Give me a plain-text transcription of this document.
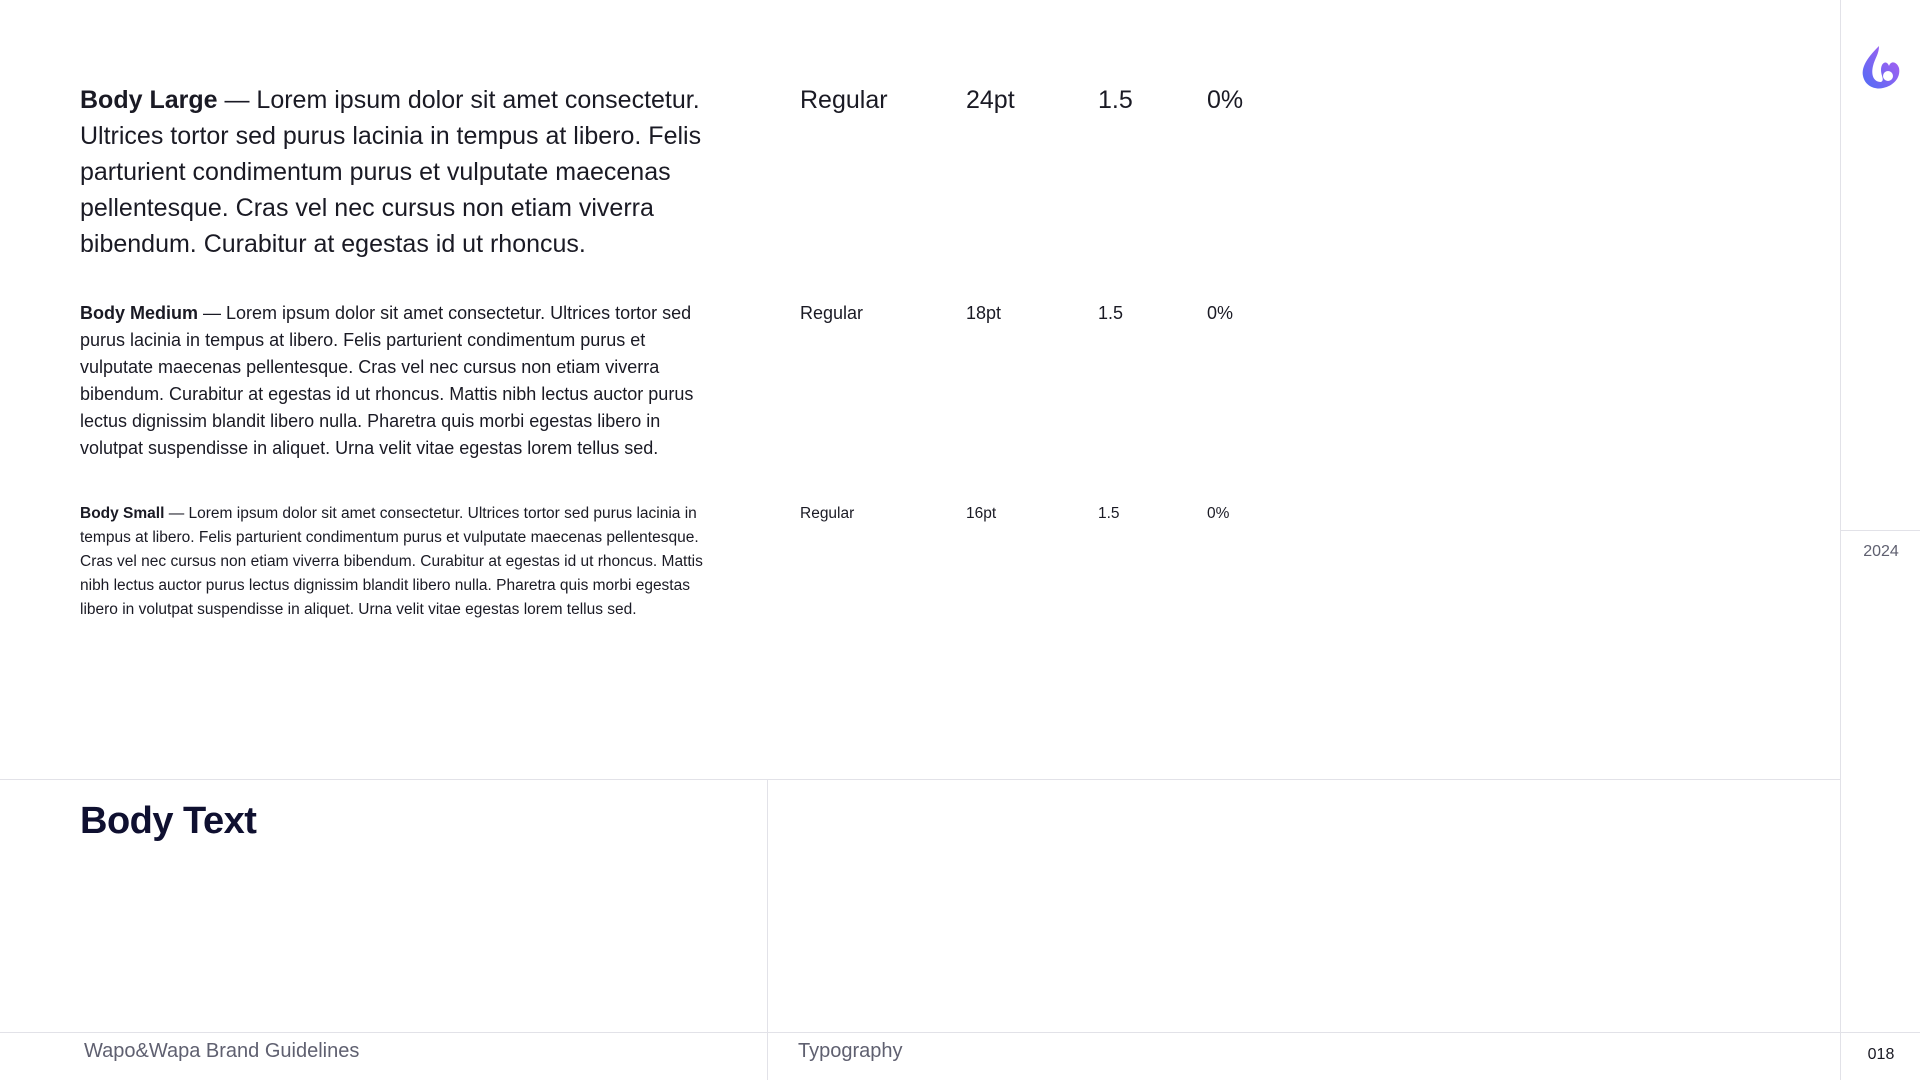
Body Large — Lorem ipsum dolor sit amet consectetur. Ultrices tortor sed purus lacinia in tempus at libero. Felis parturient condimentum purus et vulputate maecenas pellentesque. Cras vel nec cursus non etiam viverra bibendum. Curabitur at egestas id ut rhoncus.
Regular	24pt	1.5	0%
Body Medium — Lorem ipsum dolor sit amet consectetur. Ultrices tortor sed purus lacinia in tempus at libero. Felis parturient condimentum purus et vulputate maecenas pellentesque. Cras vel nec cursus non etiam viverra bibendum. Curabitur at egestas id ut rhoncus. Mattis nibh lectus auctor purus lectus dignissim blandit libero nulla. Pharetra quis morbi egestas libero in volutpat suspendisse in aliquet. Urna velit vitae egestas lorem tellus sed.
Regular	18pt	1.5	0%
Body Small — Lorem ipsum dolor sit amet consectetur. Ultrices tortor sed purus lacinia in tempus at libero. Felis parturient condimentum purus et vulputate maecenas pellentesque. Cras vel nec cursus non etiam viverra bibendum. Curabitur at egestas id ut rhoncus. Mattis nibh lectus auctor purus lectus dignissim blandit libero nulla. Pharetra quis morbi egestas libero in volutpat suspendisse in aliquet. Urna velit vitae egestas lorem tellus sed.
Regular	16pt	1.5	0%
Body Text
Wapo&Wapa Brand Guidelines	Typography
2024
018
